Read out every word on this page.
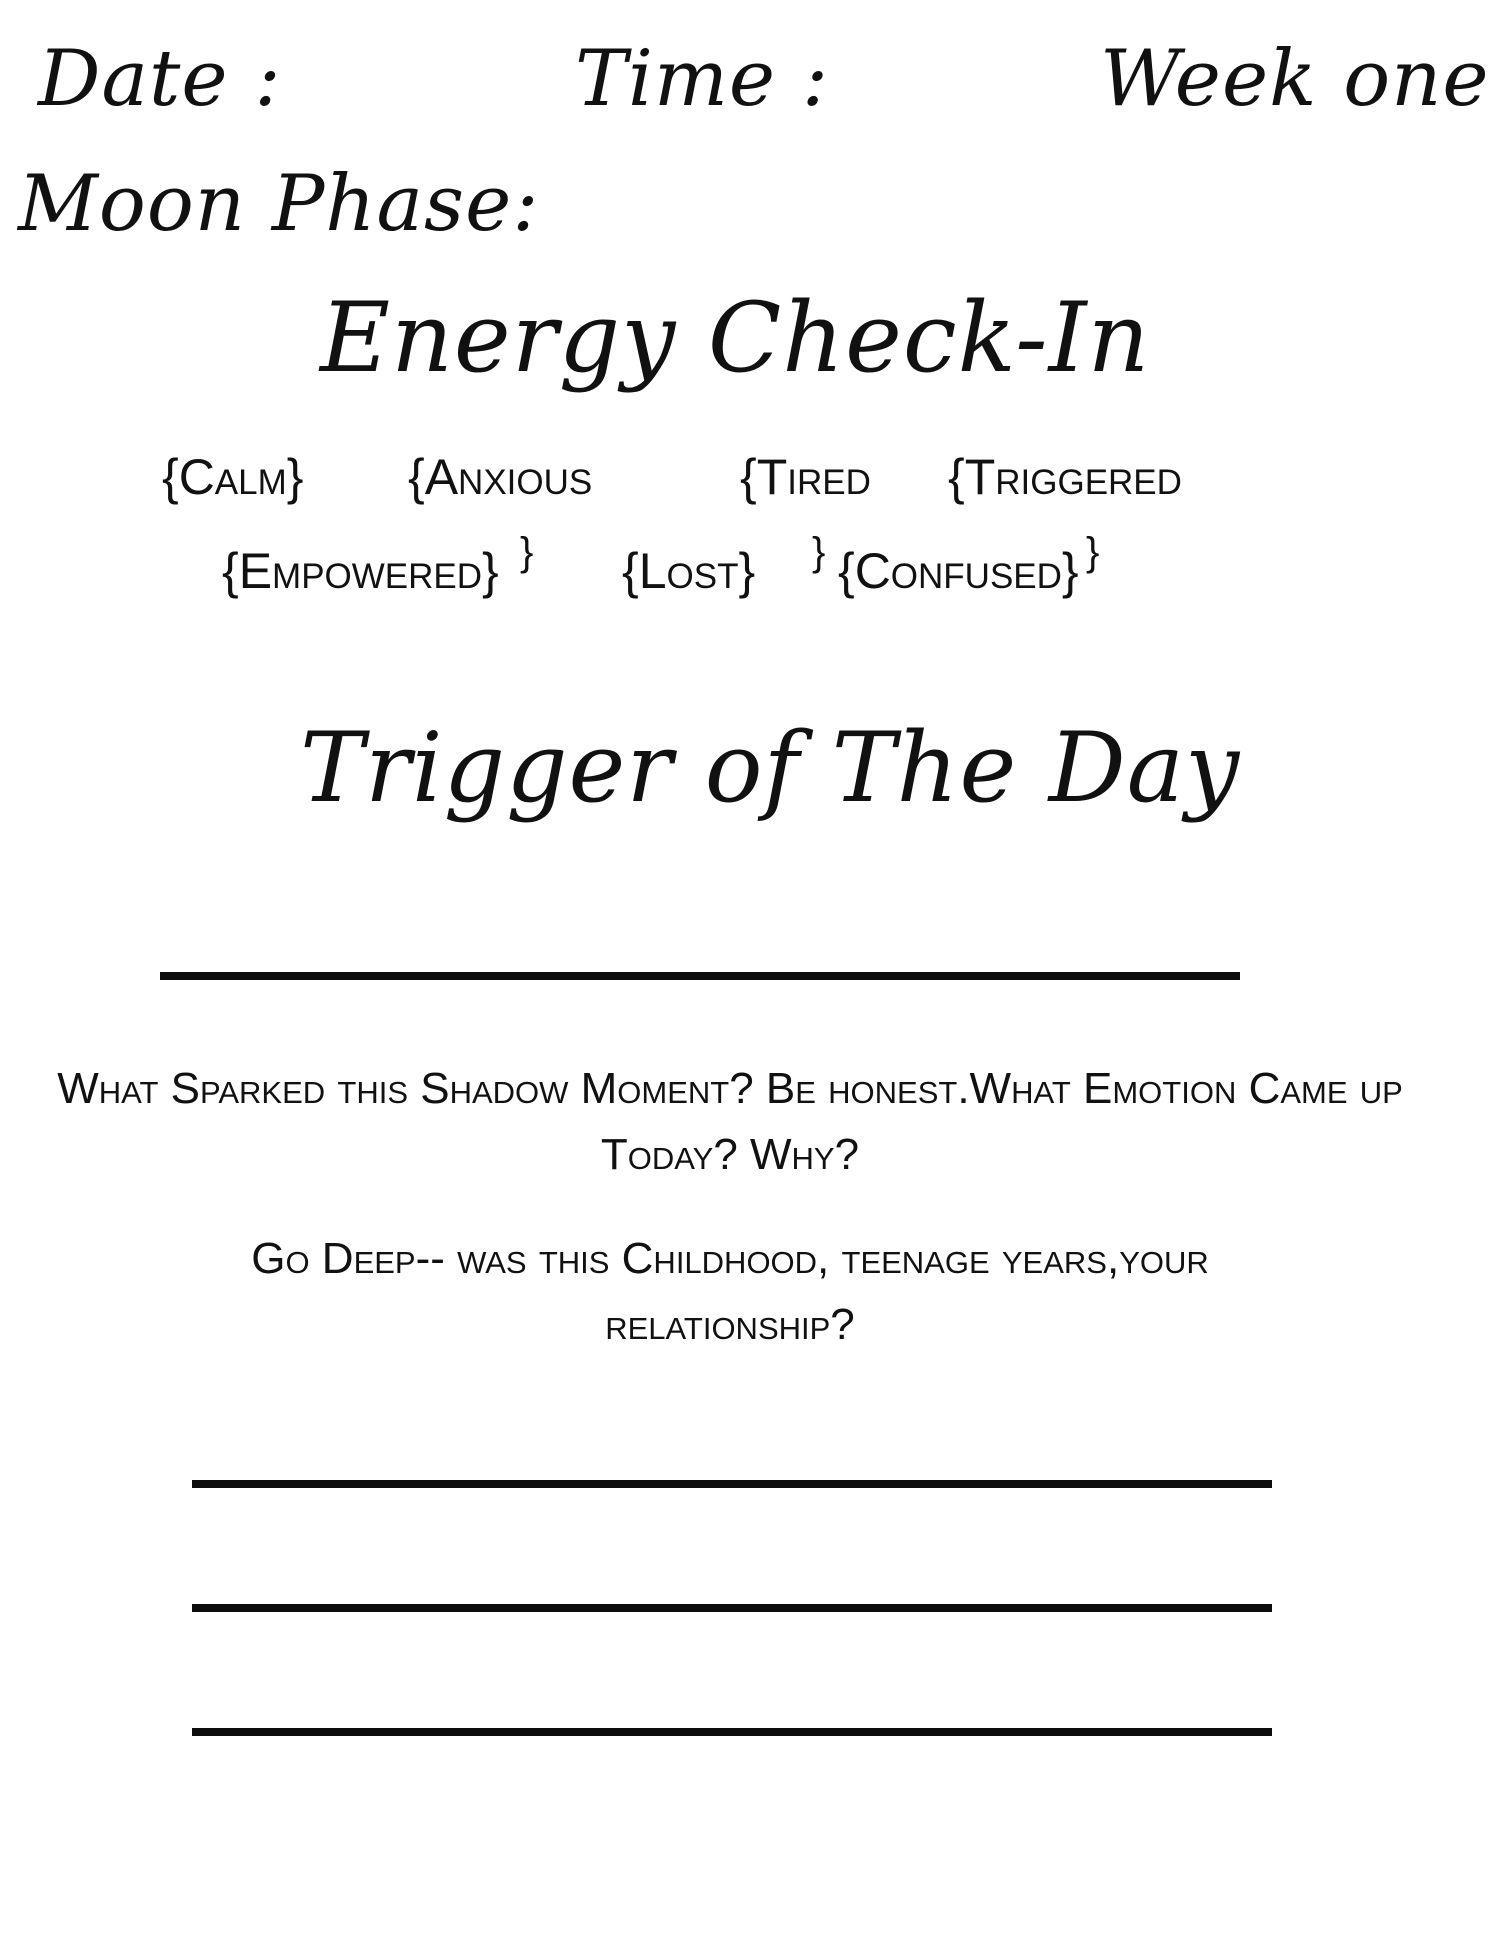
Date :	Time :	Week one
Moon Phase:
Energy Check-In
{Calm} {Anxious	{Tired {Triggered
{Empowered} {Lost} {Confused}
}	}	}
Trigger of The Day
What Sparked this Shadow Moment? Be honest.What Emotion Came up Today? Why?
Go Deep-- was this Childhood, teenage years,your relationship?
